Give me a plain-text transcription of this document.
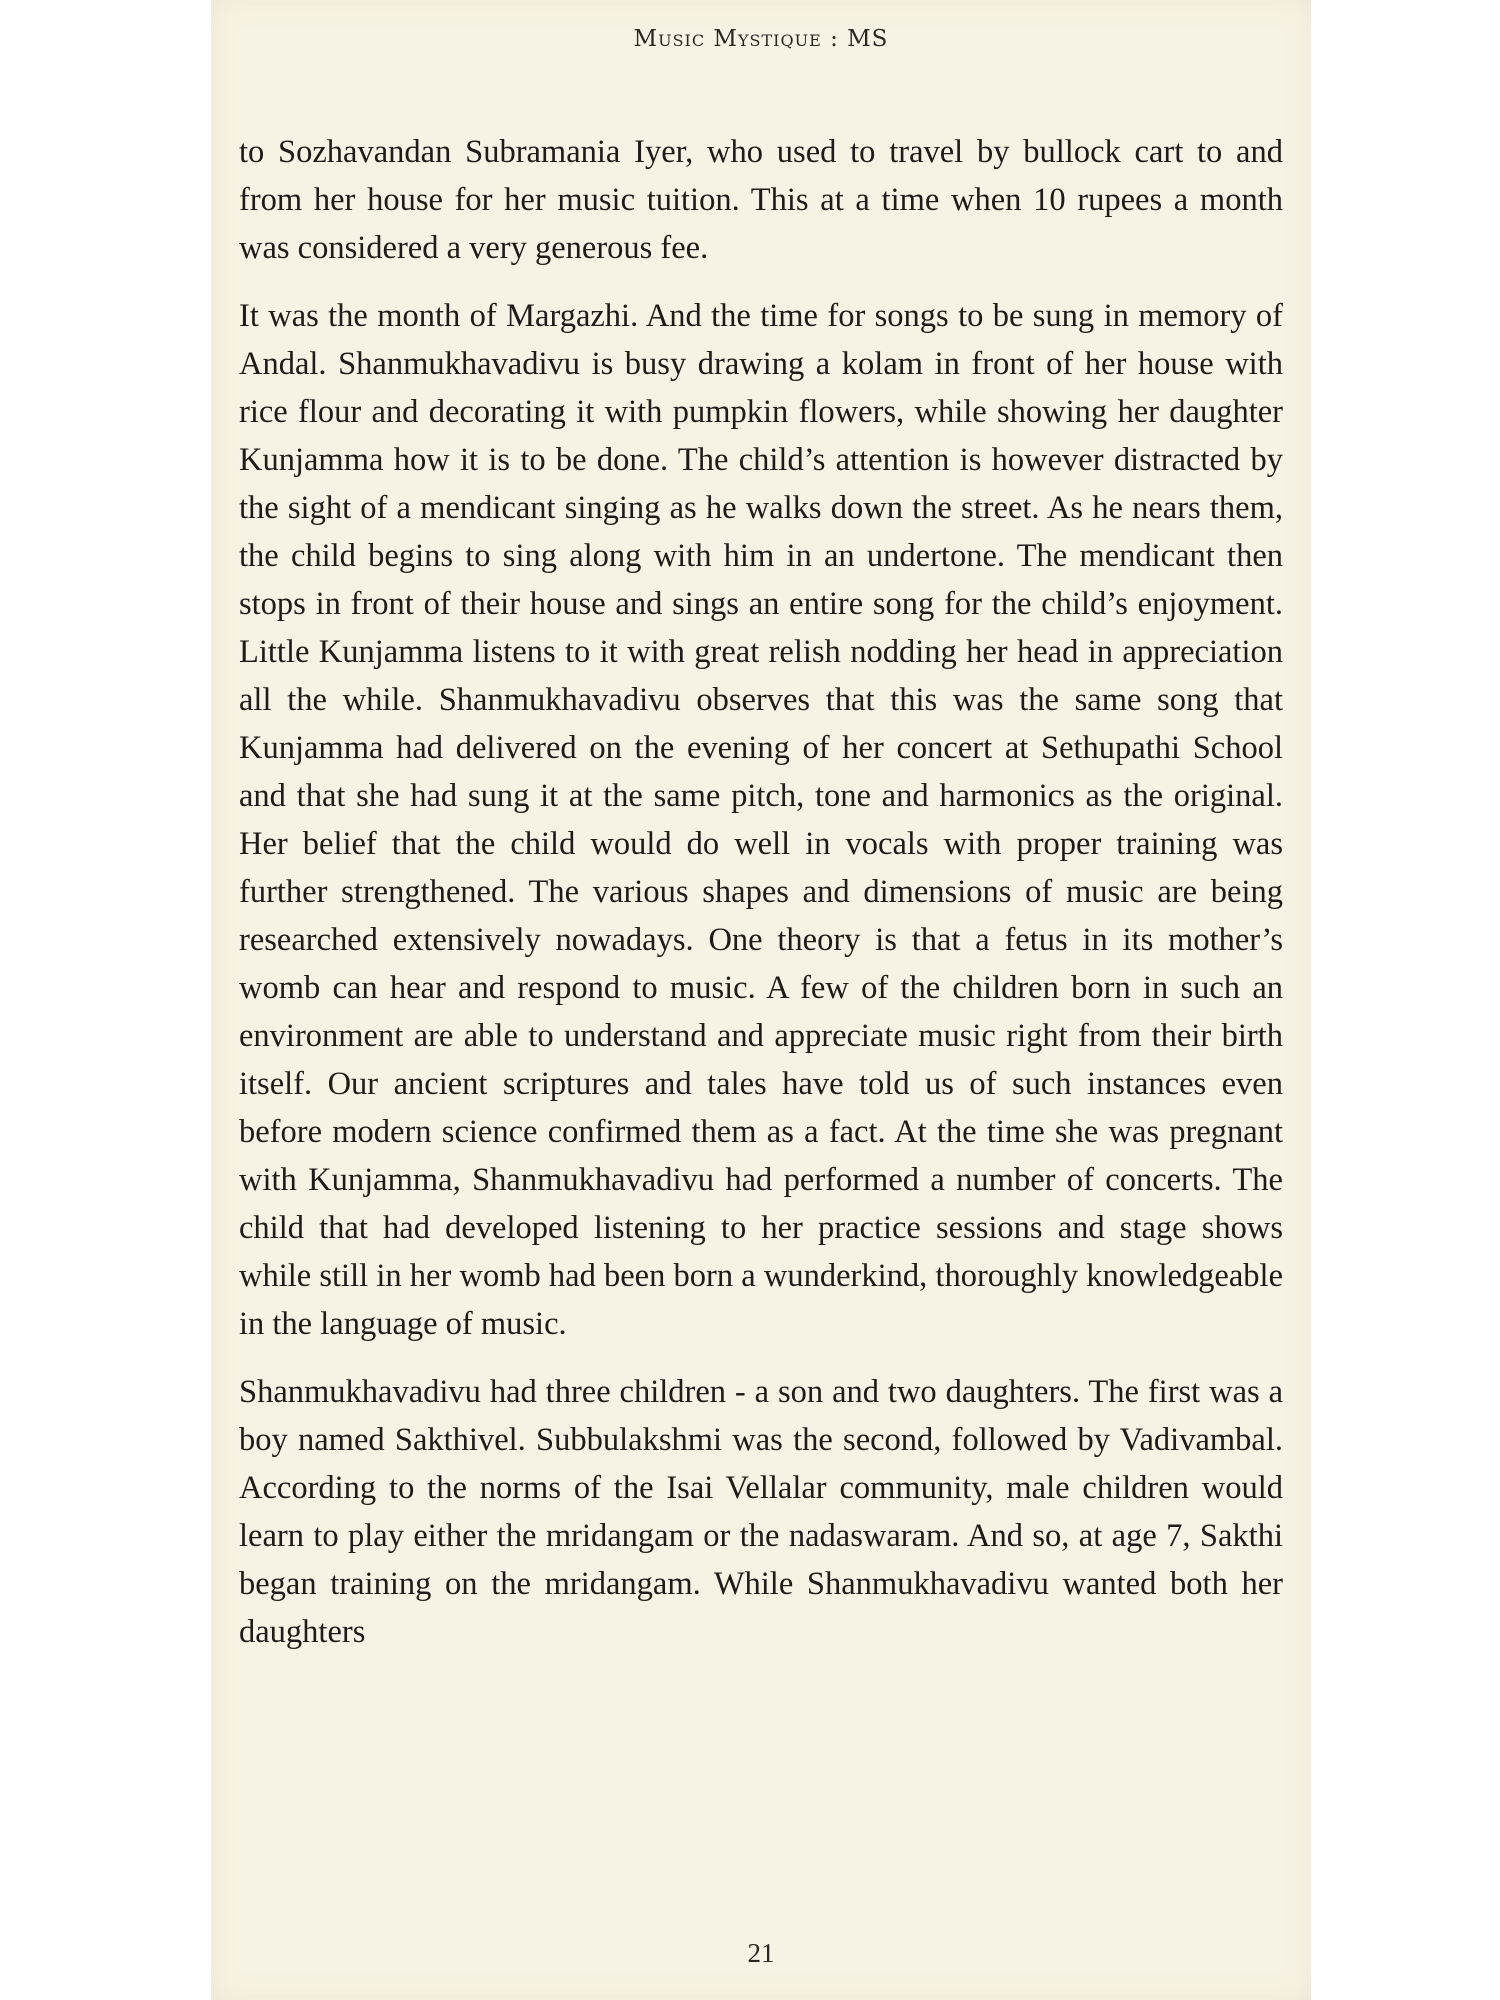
Music Mystique : MS

to Sozhavandan Subramania Iyer, who used to travel by bullock cart to and from her house for her music tuition. This at a time when 10 rupees a month was considered a very generous fee.

It was the month of Margazhi. And the time for songs to be sung in memory of Andal. Shanmukhavadivu is busy drawing a kolam in front of her house with rice flour and decorating it with pumpkin flowers, while showing her daughter Kunjamma how it is to be done. The child’s attention is however distracted by the sight of a mendicant singing as he walks down the street. As he nears them, the child begins to sing along with him in an undertone. The mendicant then stops in front of their house and sings an entire song for the child’s enjoyment. Little Kunjamma listens to it with great relish nodding her head in appreciation all the while. Shanmukhavadivu observes that this was the same song that Kunjamma had delivered on the evening of her concert at Sethupathi School and that she had sung it at the same pitch, tone and harmonics as the original. Her belief that the child would do well in vocals with proper training was further strengthened. The various shapes and dimensions of music are being researched extensively nowadays. One theory is that a fetus in its mother’s womb can hear and respond to music. A few of the children born in such an environment are able to understand and appreciate music right from their birth itself. Our ancient scriptures and tales have told us of such instances even before modern science confirmed them as a fact. At the time she was pregnant with Kunjamma, Shanmukhavadivu had performed a number of concerts. The child that had developed listening to her practice sessions and stage shows while still in her womb had been born a wunderkind, thoroughly knowledgeable in the language of music.

Shanmukhavadivu had three children - a son and two daughters. The first was a boy named Sakthivel. Subbulakshmi was the second, followed by Vadivambal. According to the norms of the Isai Vellalar community, male children would learn to play either the mridangam or the nadaswaram. And so, at age 7, Sakthi began training on the mridangam. While Shanmukhavadivu wanted both her daughters

21
